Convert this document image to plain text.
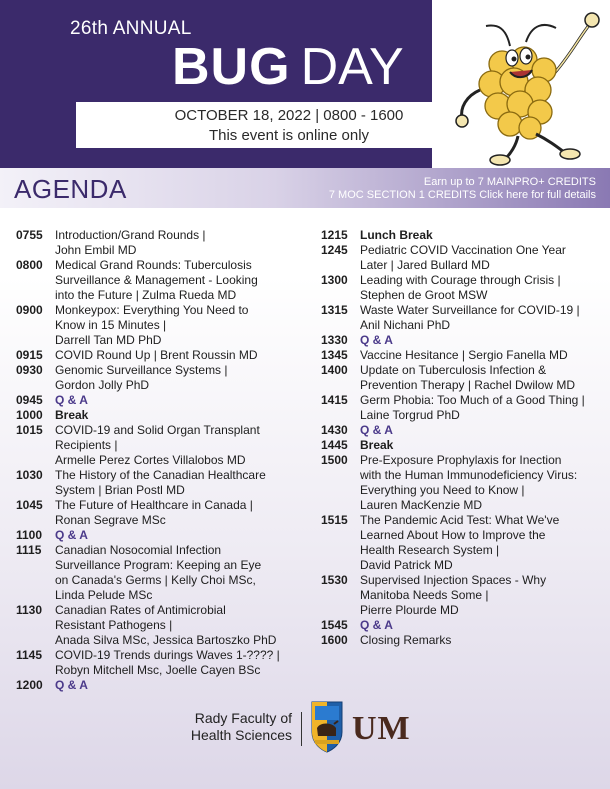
26th ANNUAL
BUG DAY
OCTOBER 18, 2022 | 0800 - 1600
This event is online only
AGENDA	Earn up to 7 MAINPRO+ CREDITS
7 MOC SECTION 1 CREDITS Click here for full details
0755	Introduction/Grand Rounds |
John Embil MD
0800	Medical Grand Rounds: Tuberculosis
Surveillance & Management - Looking
into the Future | Zulma Rueda MD
0900	Monkeypox: Everything You Need to
Know in 15 Minutes |
Darrell Tan MD PhD
0915	COVID Round Up | Brent Roussin MD
0930	Genomic Surveillance Systems |
Gordon Jolly PhD
0945	Q & A
1000	Break
1015	COVID-19 and Solid Organ Transplant
Recipients |
Armelle Perez Cortes Villalobos MD
1030	The History of the Canadian Healthcare
System | Brian Postl MD
1045	The Future of Healthcare in Canada |
Ronan Segrave MSc
1100	Q & A
1115	Canadian Nosocomial Infection
Surveillance Program: Keeping an Eye
on Canada's Germs | Kelly Choi MSc,
Linda Pelude MSc
1130	Canadian Rates of Antimicrobial
Resistant Pathogens |
Anada Silva MSc, Jessica Bartoszko PhD
1145	COVID-19 Trends durings Waves 1-???? |
Robyn Mitchell Msc, Joelle Cayen BSc
1200	Q & A
1215	Lunch Break
1245	Pediatric COVID Vaccination One Year
Later | Jared Bullard MD
1300	Leading with Courage through Crisis |
Stephen de Groot MSW
1315	Waste Water Surveillance for COVID-19 |
Anil Nichani PhD
1330	Q & A
1345	Vaccine Hesitance | Sergio Fanella MD
1400	Update on Tuberculosis Infection &
Prevention Therapy | Rachel Dwilow MD
1415	Germ Phobia: Too Much of a Good Thing |
Laine Torgrud PhD
1430	Q & A
1445	Break
1500	Pre-Exposure Prophylaxis for Inection
with the Human Immunodeficiency Virus:
Everything you Need to Know |
Lauren MacKenzie MD
1515	The Pandemic Acid Test: What We've
Learned About How to Improve the
Health Research System |
David Patrick MD
1530	Supervised Injection Spaces - Why
Manitoba Needs Some |
Pierre Plourde MD
1545	Q & A
1600	Closing Remarks
Rady Faculty of
Health Sciences UM
